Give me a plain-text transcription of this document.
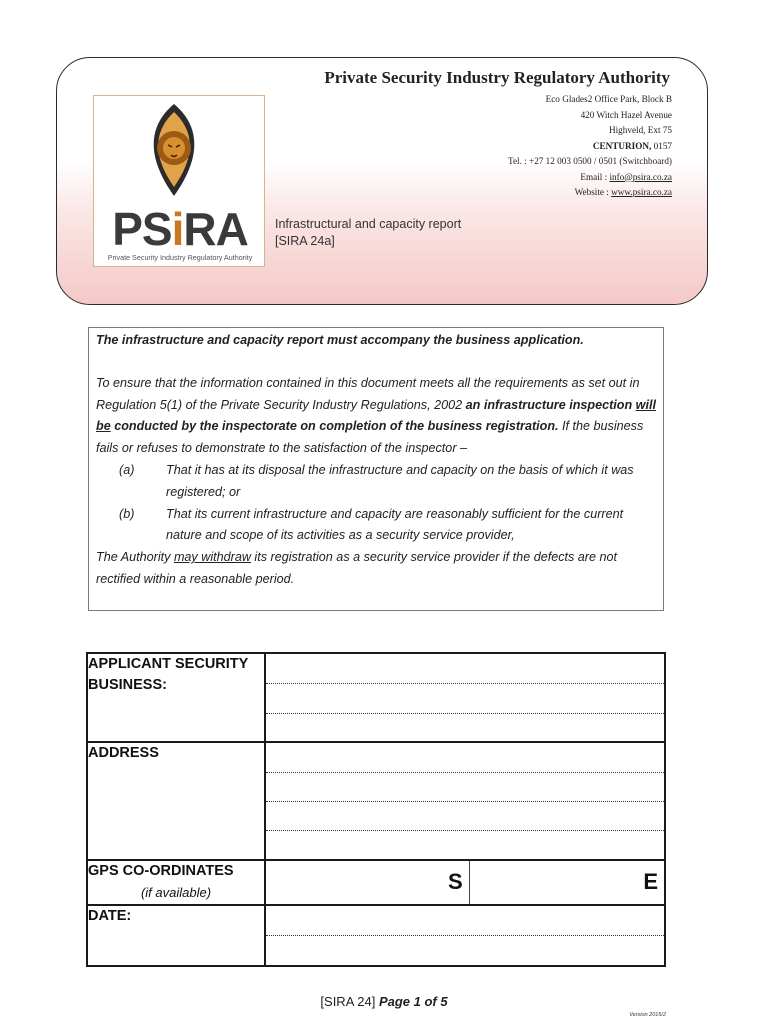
PSiRA
Private Security Industry Regulatory Authority
Private Security Industry Regulatory Authority
Eco Glades2 Office Park, Block B
420 Witch Hazel Avenue
Highveld, Ext 75
CENTURION, 0157
Tel. : +27 12 003 0500 / 0501 (Switchboard)
Email : info@psira.co.za
Website : www.psira.co.za
Infrastructural and capacity report
[SIRA 24a]

The infrastructure and capacity report must accompany the business application.

To ensure that the information contained in this document meets all the requirements as set out in Regulation 5(1) of the Private Security Industry Regulations, 2002 an infrastructure inspection will be conducted by the inspectorate on completion of the business registration. If the business fails or refuses to demonstrate to the satisfaction of the inspector –

(a)	That it has at its disposal the infrastructure and capacity on the basis of which it was registered; or

(b)	That its current infrastructure and capacity are reasonably sufficient for the current nature and scope of its activities as a security service provider,

The Authority may withdraw its registration as a security service provider if the defects are not rectified within a reasonable period.

APPLICANT SECURITY BUSINESS:	

ADDRESS	

GPS CO-ORDINATES
(if available)	S E

DATE:	
[SIRA 24] Page 1 of 5
Version 2015/2
